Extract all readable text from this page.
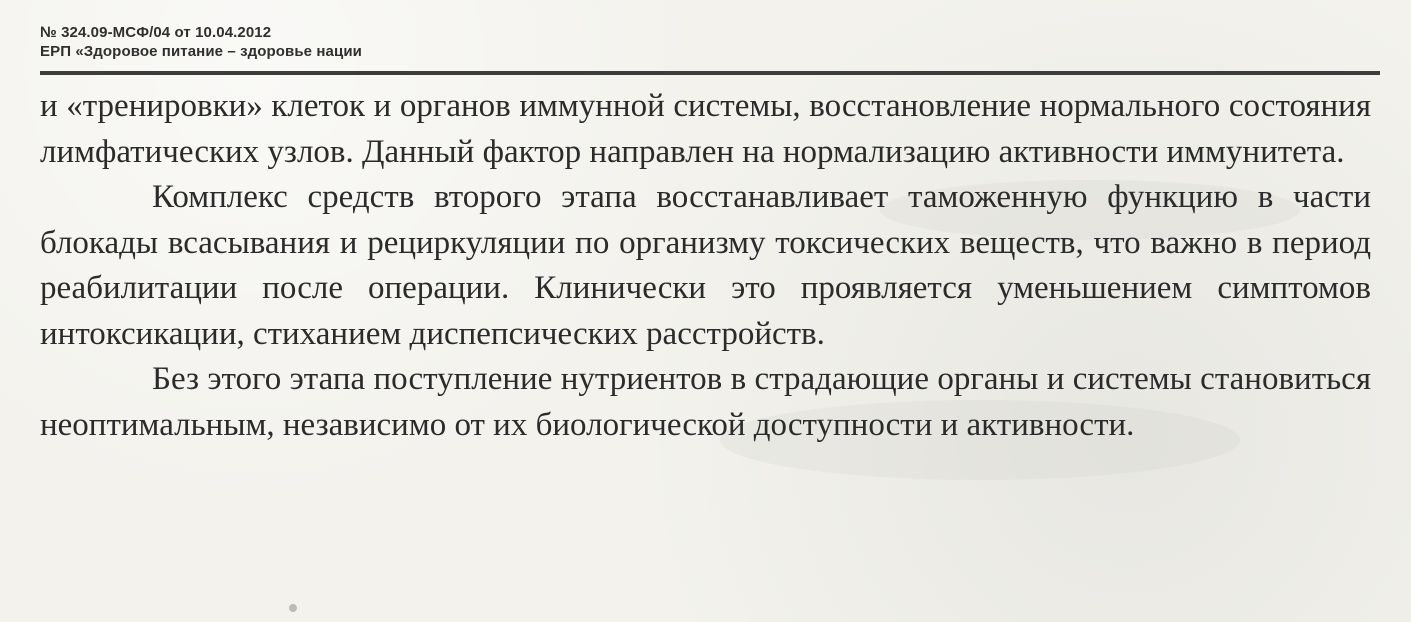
№ 324.09-МСФ/04 от 10.04.2012
ЕРП «Здоровое питание – здоровье нации

и «тренировки» клеток и органов иммунной системы, восстановление нормального состояния лимфатических узлов. Данный фактор направлен на нормализацию активности иммунитета.

Комплекс средств второго этапа восстанавливает таможенную функцию в части блокады всасывания и рециркуляции по организму токсических веществ, что важно в период реабилитации после операции. Клинически это проявляется уменьшением симптомов интоксикации, стиханием диспепсических расстройств.

Без этого этапа поступление нутриентов в страдающие органы и системы становиться неоптимальным, независимо от их биологической доступности и активности.
